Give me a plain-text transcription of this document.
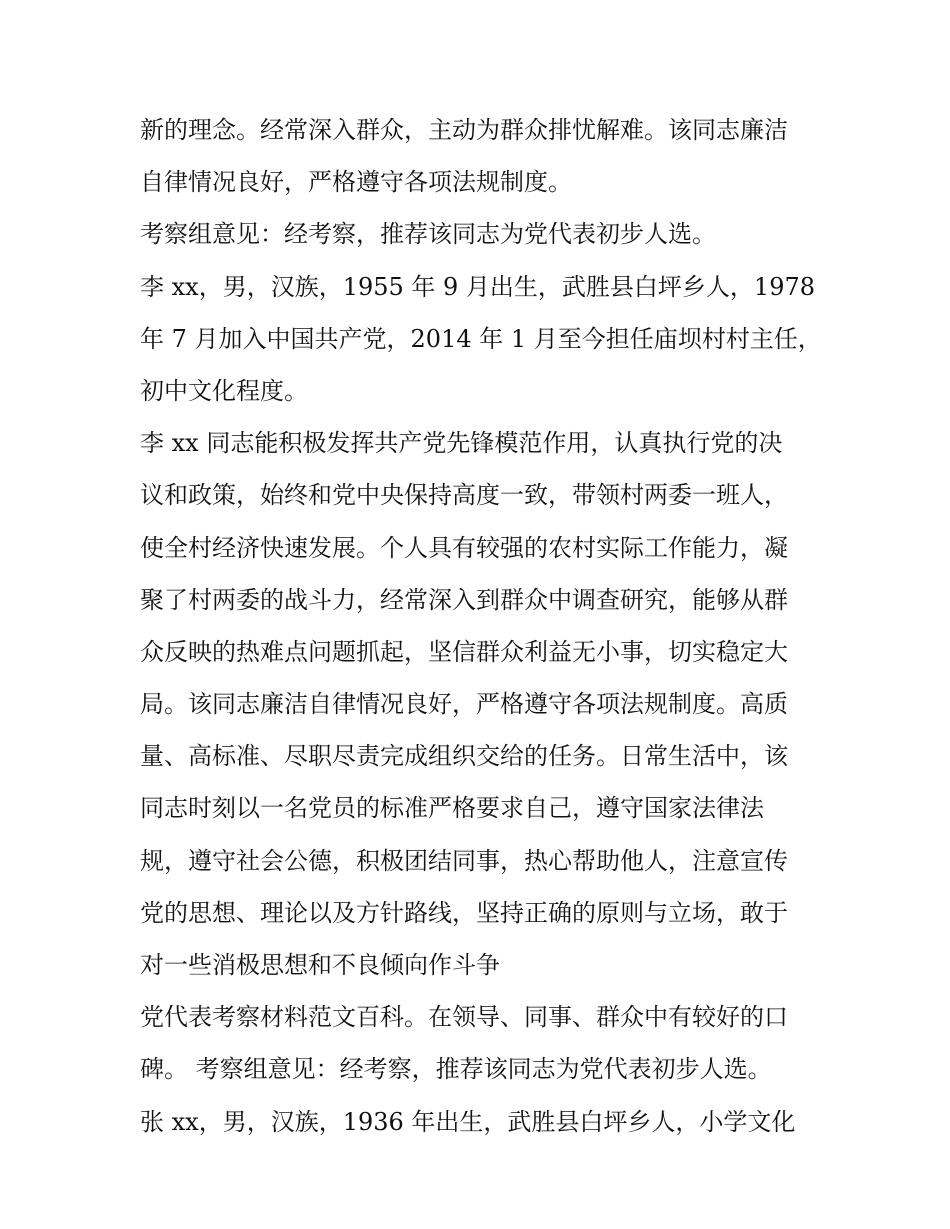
新的理念。经常深入群众，主动为群众排忧解难。该同志廉洁
自律情况良好，严格遵守各项法规制度。
考察组意见：经考察，推荐该同志为党代表初步人选。
李 xx，男，汉族，1955 年 9 月出生，武胜县白坪乡人，1978
年 7 月加入中国共产党，2014 年 1 月至今担任庙坝村村主任，
初中文化程度。
李 xx 同志能积极发挥共产党先锋模范作用，认真执行党的决
议和政策，始终和党中央保持高度一致，带领村两委一班人，
使全村经济快速发展。个人具有较强的农村实际工作能力，凝
聚了村两委的战斗力，经常深入到群众中调查研究，能够从群
众反映的热难点问题抓起，坚信群众利益无小事，切实稳定大
局。该同志廉洁自律情况良好，严格遵守各项法规制度。高质
量、高标准、尽职尽责完成组织交给的任务。日常生活中，该
同志时刻以一名党员的标准严格要求自己，遵守国家法律法
规，遵守社会公德，积极团结同事，热心帮助他人，注意宣传
党的思想、理论以及方针路线，坚持正确的原则与立场，敢于
对一些消极思想和不良倾向作斗争
党代表考察材料范文百科。在领导、同事、群众中有较好的口
碑。 考察组意见：经考察，推荐该同志为党代表初步人选。
张 xx，男，汉族，1936 年出生，武胜县白坪乡人，小学文化
